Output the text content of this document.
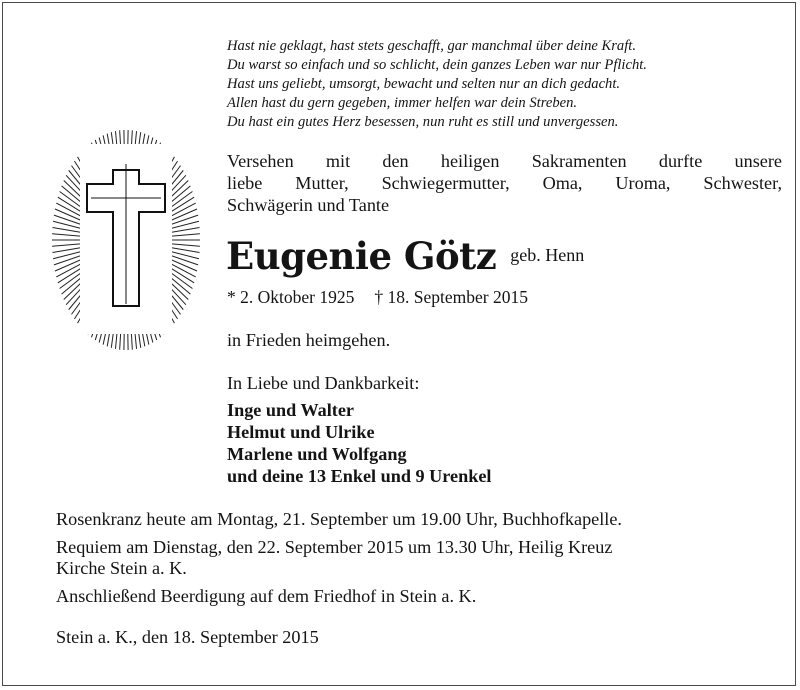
Hast nie geklagt, hast stets geschafft, gar manchmal über deine Kraft.
Du warst so einfach und so schlicht, dein ganzes Leben war nur Pflicht.
Hast uns geliebt, umsorgt, bewacht und selten nur an dich gedacht.
Allen hast du gern gegeben, immer helfen war dein Streben.
Du hast ein gutes Herz besessen, nun ruht es still und unvergessen.
Versehen mit den heiligen Sakramenten durfte unsere
liebe Mutter, Schwiegermutter, Oma, Uroma, Schwester,
Schwägerin und Tante
Eugenie Götz geb. Henn
* 2. Oktober 1925 † 18. September 2015
in Frieden heimgehen.
In Liebe und Dankbarkeit:
Inge und Walter
Helmut und Ulrike
Marlene und Wolfgang
und deine 13 Enkel und 9 Urenkel
Rosenkranz heute am Montag, 21. September um 19.00 Uhr, Buchhofkapelle.
Requiem am Dienstag, den 22. September 2015 um 13.30 Uhr, Heilig Kreuz
Kirche Stein a. K.
Anschließend Beerdigung auf dem Friedhof in Stein a. K.
Stein a. K., den 18. September 2015
